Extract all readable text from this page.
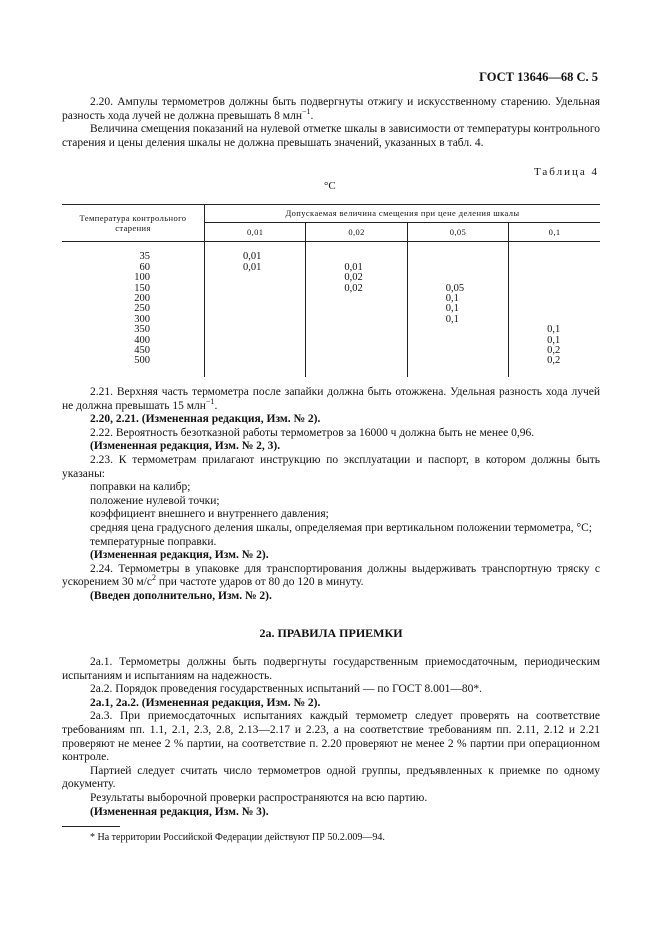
ГОСТ 13646—68 С. 5

2.20. Ампулы термометров должны быть подвергнуты отжигу и искусственному старению. Удельная разность хода лучей не должна превышать 8 млн$^{-1}$.

Величина смещения показаний на нулевой отметке шкалы в зависимости от температуры контрольного старения и цены деления шкалы не должна превышать значений, указанных в табл. 4.

Таблица 4
°С
Температура контрольного старения	Допускаемая величина смещения при цене деления шкалы			
	0,01	0,02	0,05	0,1

35	0,01			
60	0,01	0,01		
100		0,02		
150		0,02	0,05	
200			0,1	
250			0,1	
300			0,1	
350				0,1
400				0,1
450				0,2
500				0,2

2.21. Верхняя часть термометра после запайки должна быть отожжена. Удельная разность хода лучей не должна превышать 15 млн$^{-1}$.

2.20, 2.21. (Измененная редакция, Изм. № 2).

2.22. Вероятность безотказной работы термометров за 16000 ч должна быть не менее 0,96.

(Измененная редакция, Изм. № 2, 3).

2.23. К термометрам прилагают инструкцию по эксплуатации и паспорт, в котором должны быть указаны:

поправки на калибр;

положение нулевой точки;

коэффициент внешнего и внутреннего давления;

средняя цена градусного деления шкалы, определяемая при вертикальном положении термометра, °С;

температурные поправки.

(Измененная редакция, Изм. № 2).

2.24. Термометры в упаковке для транспортирования должны выдерживать транспортную тряску с ускорением 30 $м/с^2$ при частоте ударов от 80 до 120 в минуту.

(Введен дополнительно, Изм. № 2).

2а. ПРАВИЛА ПРИЕМКИ

2а.1. Термометры должны быть подвергнуты государственным приемосдаточным, периодическим испытаниям и испытаниям на надежность.

2а.2. Порядок проведения государственных испытаний — по ГОСТ 8.001—80*.

2а.1, 2а.2. (Измененная редакция, Изм. № 2).

2а.3. При приемосдаточных испытаниях каждый термометр следует проверять на соответствие требованиям пп. 1.1, 2.1, 2.3, 2.8, 2.13—2.17 и 2.23, а на соответствие требованиям пп. 2.11, 2.12 и 2.21 проверяют не менее 2 % партии, на соответствие п. 2.20 проверяют не менее 2 % партии при операционном контроле.

Партией следует считать число термометров одной группы, предъявленных к приемке по одному документу.

Результаты выборочной проверки распространяются на всю партию.

(Измененная редакция, Изм. № 3).

* На территории Российской Федерации действуют ПР 50.2.009—94.
